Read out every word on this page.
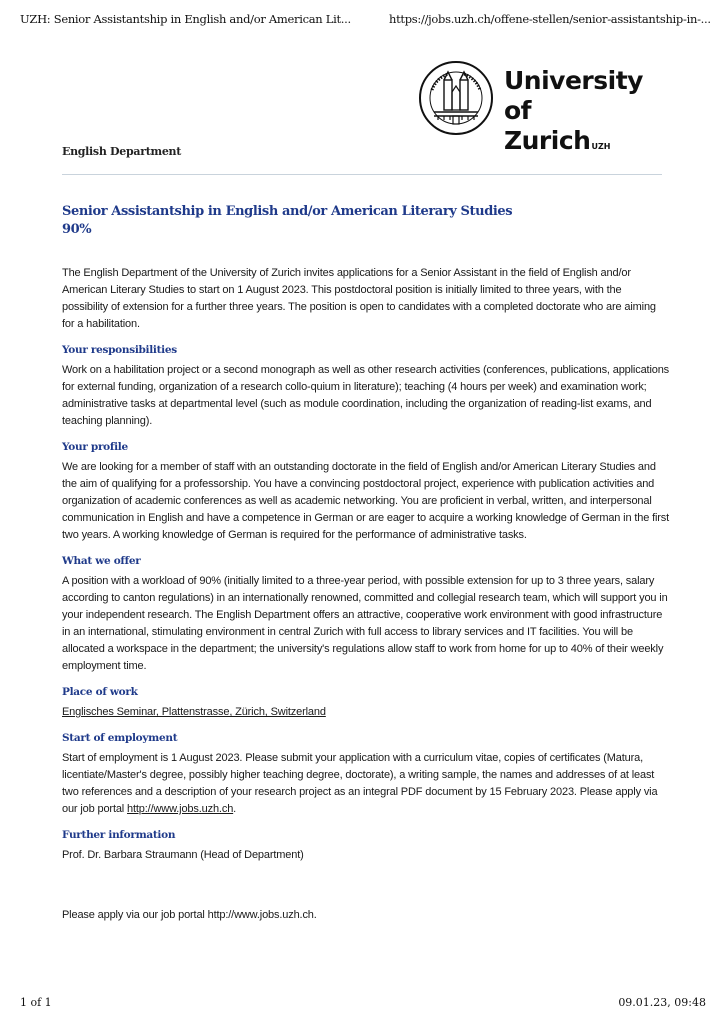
UZH: Senior Assistantship in English and/or American Lit...	https://jobs.uzh.ch/offene-stellen/senior-assistantship-in-...
University of
Zurich$^{UZH}$
English Department
Senior Assistantship in English and/or American Literary Studies
90%

The English Department of the University of Zurich invites applications for a Senior Assistant in the field of English and/or American Literary Studies to start on 1 August 2023. This postdoctoral position is initially limited to three years, with the possibility of extension for a further three years. The position is open to candidates with a completed doctorate who are aiming for a habilitation.

Your responsibilities

Work on a habilitation project or a second monograph as well as other research activities (conferences, publications, applications for external funding, organization of a research collo-quium in literature); teaching (4 hours per week) and examination work; administrative tasks at departmental level (such as module coordination, including the organization of reading-list exams, and teaching planning).

Your profile

We are looking for a member of staff with an outstanding doctorate in the field of English and/or American Literary Studies and the aim of qualifying for a professorship. You have a convincing postdoctoral project, experience with publication activities and organization of academic conferences as well as academic networking. You are proficient in verbal, written, and interpersonal communication in English and have a competence in German or are eager to acquire a working knowledge of German in the first two years. A working knowledge of German is required for the performance of administrative tasks.

What we offer

A position with a workload of 90% (initially limited to a three-year period, with possible extension for up to 3 three years, salary according to canton regulations) in an internationally renowned, committed and collegial research team, which will support you in your independent research. The English Department offers an attractive, cooperative work environment with good infrastructure in an international, stimulating environment in central Zurich with full access to library services and IT facilities. You will be allocated a workspace in the department; the university's regulations allow staff to work from home for up to 40% of their weekly employment time.

Place of work

Englisches Seminar, Plattenstrasse, Zürich, Switzerland

Start of employment

Start of employment is 1 August 2023. Please submit your application with a curriculum vitae, copies of certificates (Matura, licentiate/Master's degree, possibly higher teaching degree, doctorate), a writing sample, the names and addresses of at least two references and a description of your research project as an integral PDF document by 15 February 2023. Please apply via our job portal http://www.jobs.uzh.ch.

Further information

Prof. Dr. Barbara Straumann (Head of Department)

Please apply via our job portal http://www.jobs.uzh.ch.
1 of 1	09.01.23, 09:48
